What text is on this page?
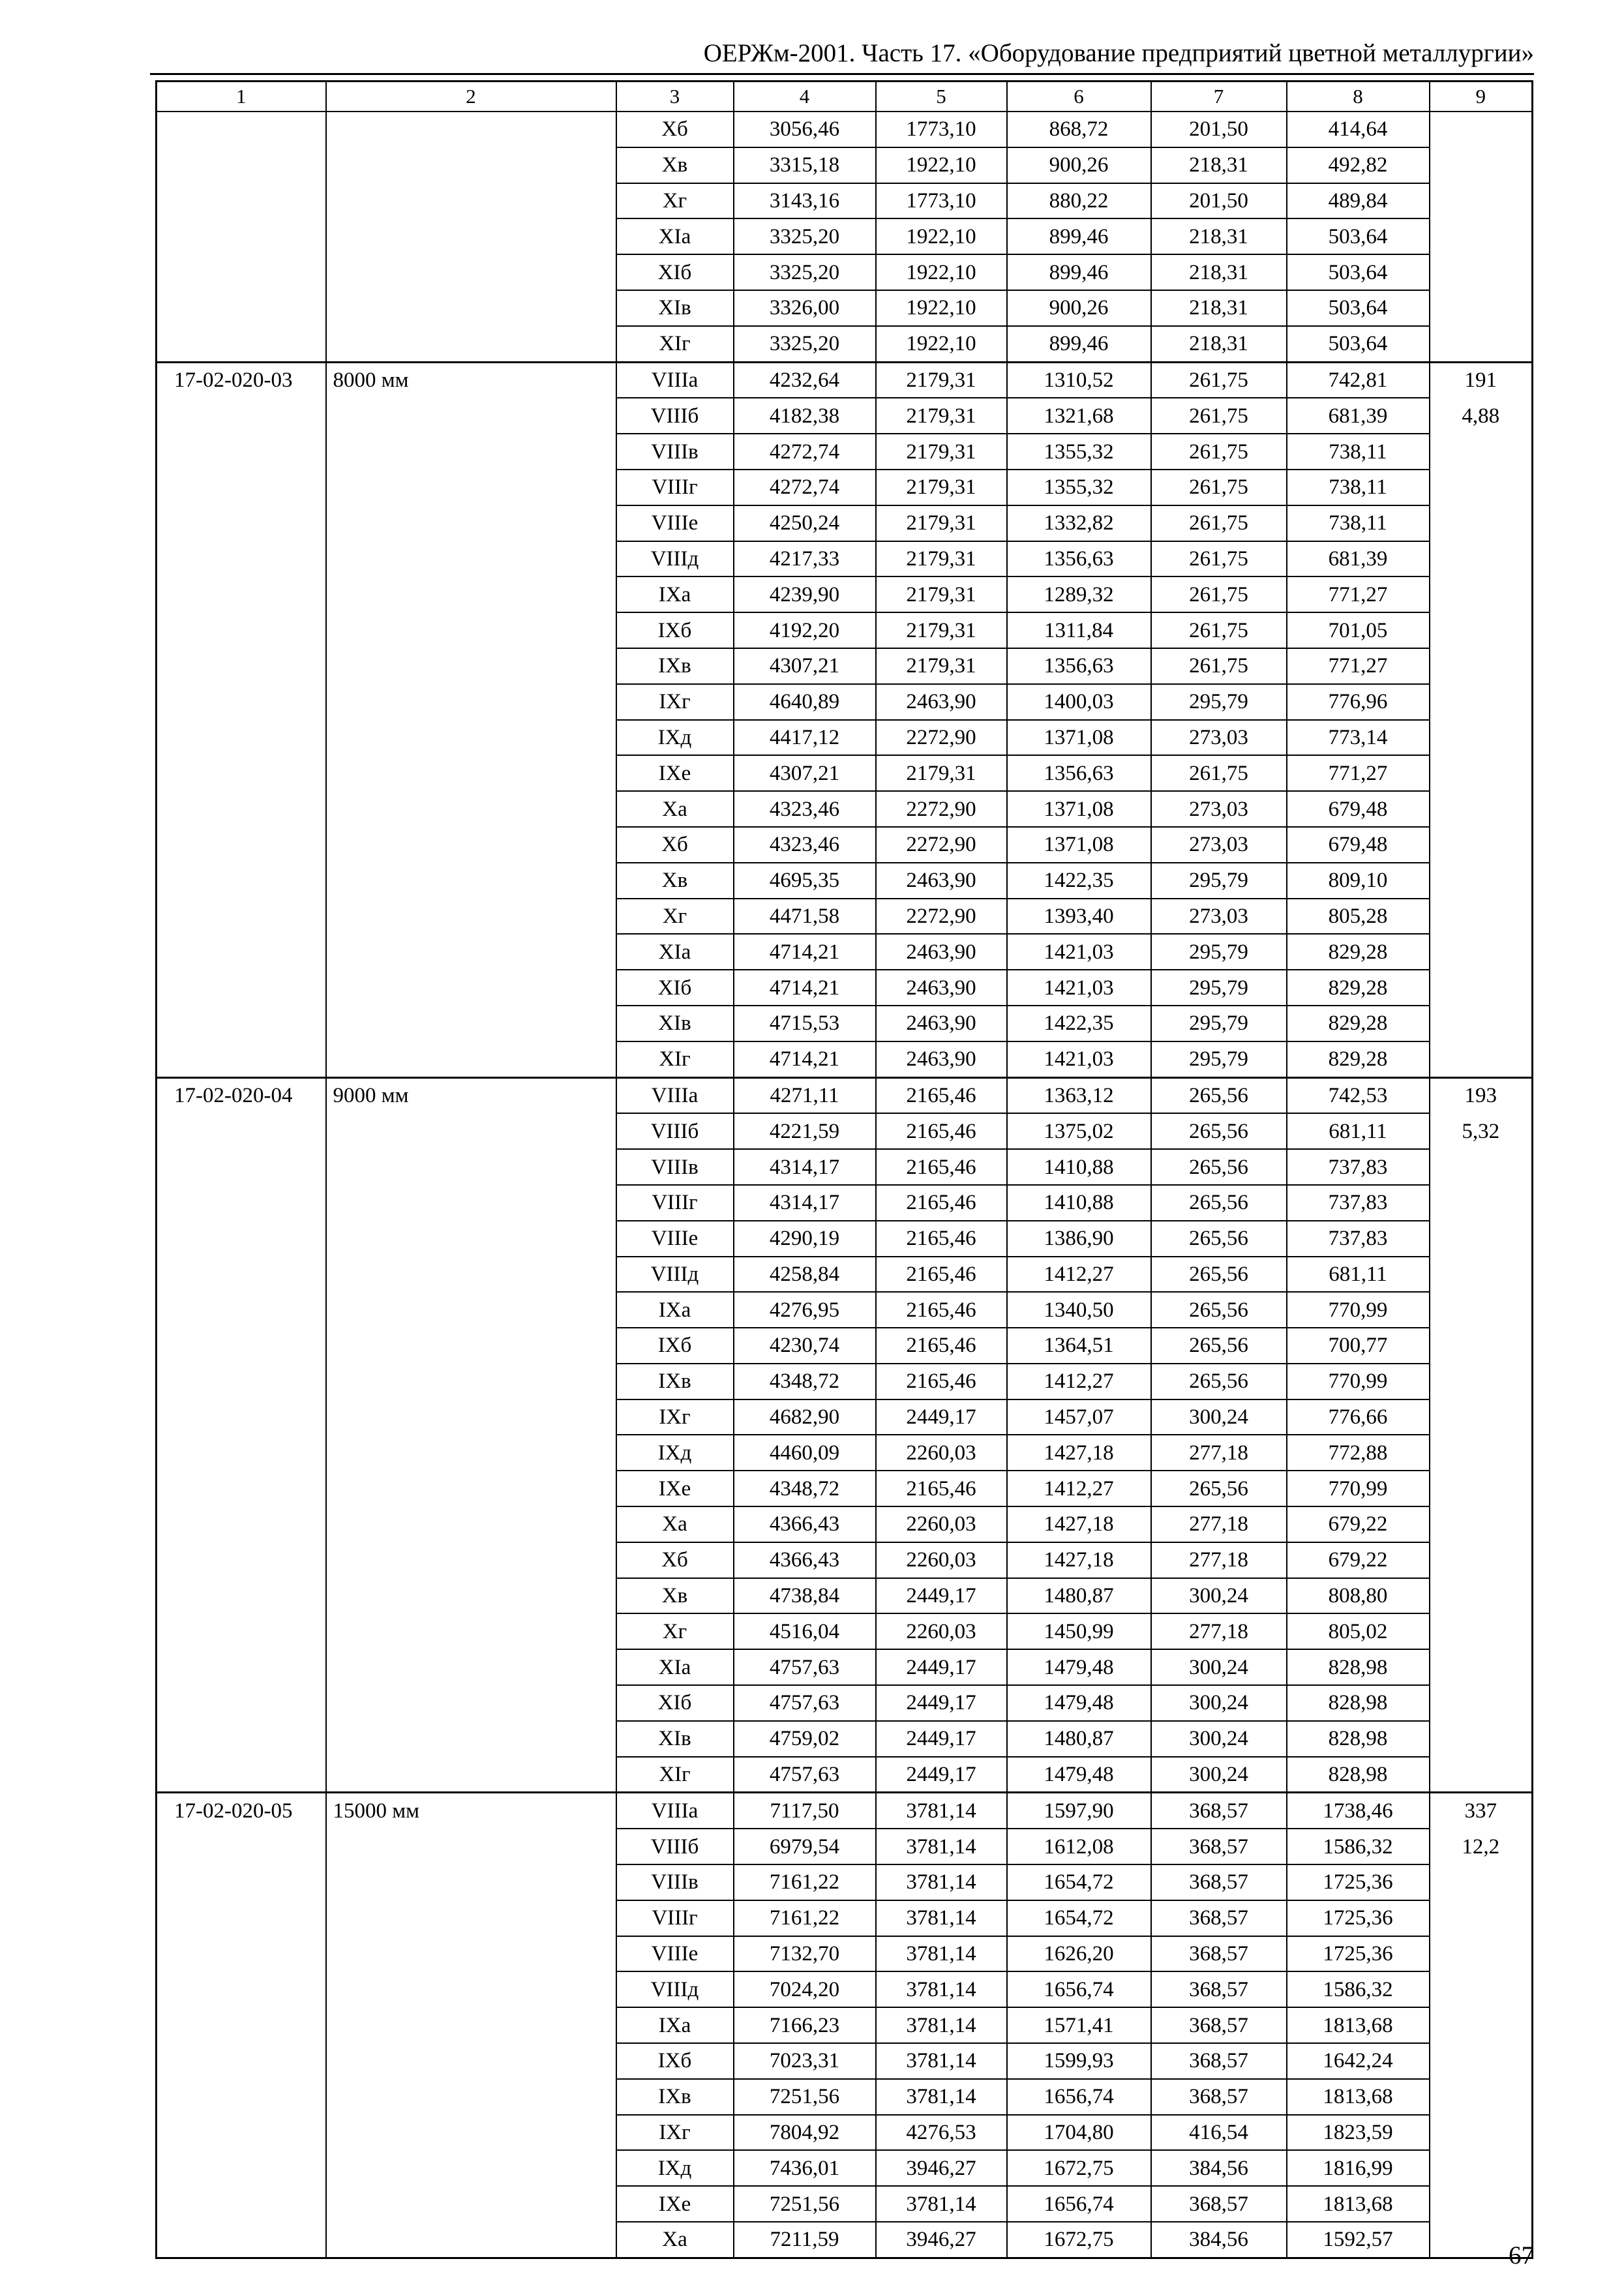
ОЕРЖм-2001. Часть 17. «Оборудование предприятий цветной металлургии»
1	2	3	4	5	6	7	8	9
		Xб	3056,46	1773,10	868,72	201,50	414,64	
		Xв	3315,18	1922,10	900,26	218,31	492,82	
		Xг	3143,16	1773,10	880,22	201,50	489,84	
		XIа	3325,20	1922,10	899,46	218,31	503,64	
		XIб	3325,20	1922,10	899,46	218,31	503,64	
		XIв	3326,00	1922,10	900,26	218,31	503,64	
		XIг	3325,20	1922,10	899,46	218,31	503,64	
17-02-020-03	8000 мм	VIIIа	4232,64	2179,31	1310,52	261,75	742,81	191
		VIIIб	4182,38	2179,31	1321,68	261,75	681,39	4,88
		VIIIв	4272,74	2179,31	1355,32	261,75	738,11	
		VIIIг	4272,74	2179,31	1355,32	261,75	738,11	
		VIIIе	4250,24	2179,31	1332,82	261,75	738,11	
		VIIIд	4217,33	2179,31	1356,63	261,75	681,39	
		IXа	4239,90	2179,31	1289,32	261,75	771,27	
		IXб	4192,20	2179,31	1311,84	261,75	701,05	
		IXв	4307,21	2179,31	1356,63	261,75	771,27	
		IXг	4640,89	2463,90	1400,03	295,79	776,96	
		IXд	4417,12	2272,90	1371,08	273,03	773,14	
		IXе	4307,21	2179,31	1356,63	261,75	771,27	
		Xа	4323,46	2272,90	1371,08	273,03	679,48	
		Xб	4323,46	2272,90	1371,08	273,03	679,48	
		Xв	4695,35	2463,90	1422,35	295,79	809,10	
		Xг	4471,58	2272,90	1393,40	273,03	805,28	
		XIа	4714,21	2463,90	1421,03	295,79	829,28	
		XIб	4714,21	2463,90	1421,03	295,79	829,28	
		XIв	4715,53	2463,90	1422,35	295,79	829,28	
		XIг	4714,21	2463,90	1421,03	295,79	829,28	
17-02-020-04	9000 мм	VIIIа	4271,11	2165,46	1363,12	265,56	742,53	193
		VIIIб	4221,59	2165,46	1375,02	265,56	681,11	5,32
		VIIIв	4314,17	2165,46	1410,88	265,56	737,83	
		VIIIг	4314,17	2165,46	1410,88	265,56	737,83	
		VIIIе	4290,19	2165,46	1386,90	265,56	737,83	
		VIIIд	4258,84	2165,46	1412,27	265,56	681,11	
		IXа	4276,95	2165,46	1340,50	265,56	770,99	
		IXб	4230,74	2165,46	1364,51	265,56	700,77	
		IXв	4348,72	2165,46	1412,27	265,56	770,99	
		IXг	4682,90	2449,17	1457,07	300,24	776,66	
		IXд	4460,09	2260,03	1427,18	277,18	772,88	
		IXе	4348,72	2165,46	1412,27	265,56	770,99	
		Xа	4366,43	2260,03	1427,18	277,18	679,22	
		Xб	4366,43	2260,03	1427,18	277,18	679,22	
		Xв	4738,84	2449,17	1480,87	300,24	808,80	
		Xг	4516,04	2260,03	1450,99	277,18	805,02	
		XIа	4757,63	2449,17	1479,48	300,24	828,98	
		XIб	4757,63	2449,17	1479,48	300,24	828,98	
		XIв	4759,02	2449,17	1480,87	300,24	828,98	
		XIг	4757,63	2449,17	1479,48	300,24	828,98	
17-02-020-05	15000 мм	VIIIа	7117,50	3781,14	1597,90	368,57	1738,46	337
		VIIIб	6979,54	3781,14	1612,08	368,57	1586,32	12,2
		VIIIв	7161,22	3781,14	1654,72	368,57	1725,36	
		VIIIг	7161,22	3781,14	1654,72	368,57	1725,36	
		VIIIе	7132,70	3781,14	1626,20	368,57	1725,36	
		VIIIд	7024,20	3781,14	1656,74	368,57	1586,32	
		IXа	7166,23	3781,14	1571,41	368,57	1813,68	
		IXб	7023,31	3781,14	1599,93	368,57	1642,24	
		IXв	7251,56	3781,14	1656,74	368,57	1813,68	
		IXг	7804,92	4276,53	1704,80	416,54	1823,59	
		IXд	7436,01	3946,27	1672,75	384,56	1816,99	
		IXе	7251,56	3781,14	1656,74	368,57	1813,68	
		Xа	7211,59	3946,27	1672,75	384,56	1592,57	
67
